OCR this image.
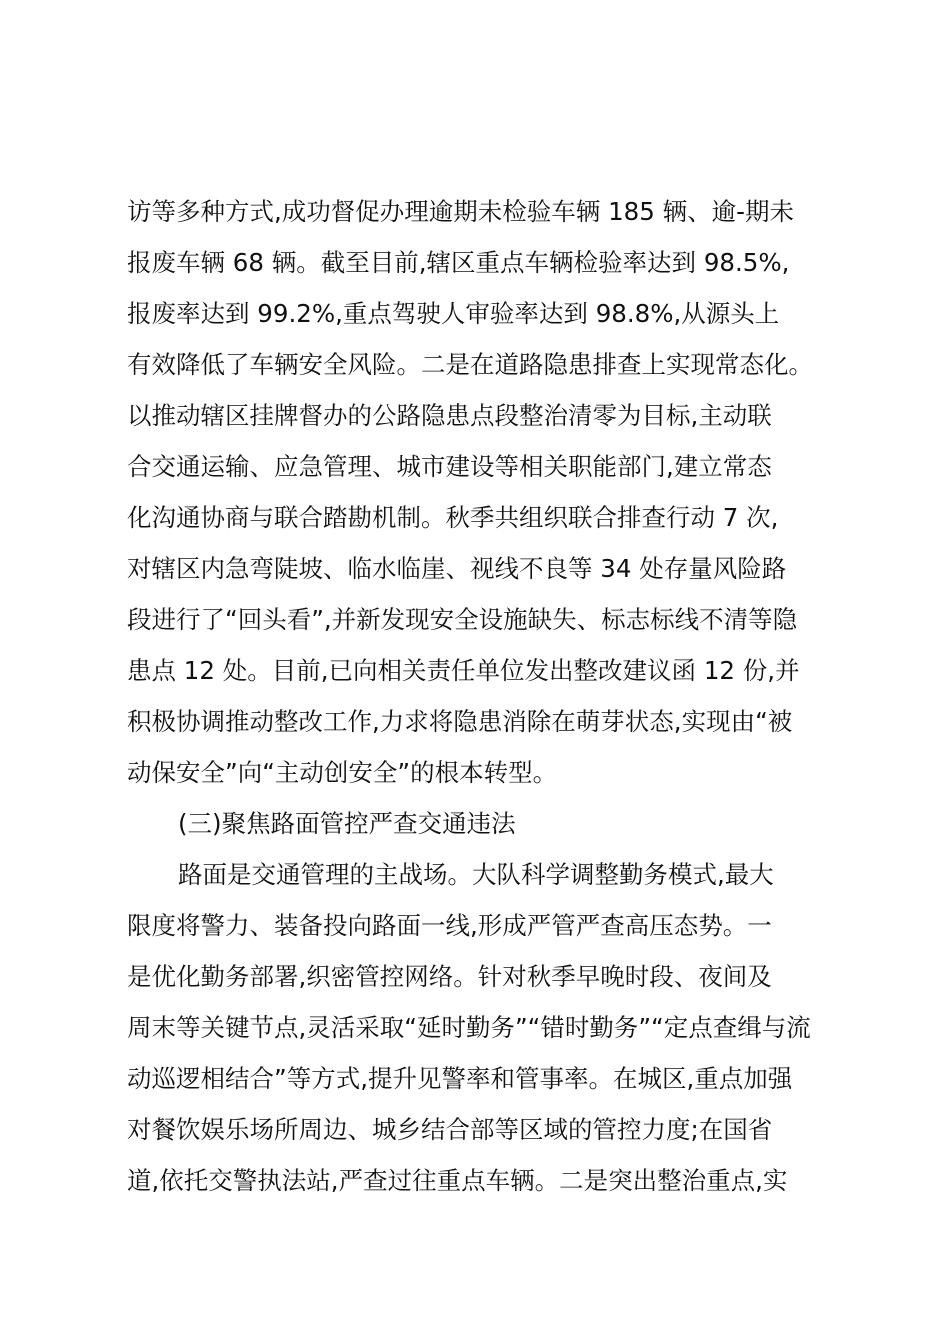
访等多种方式,成功督促办理逾期未检验车辆 185 辆、逾-期未
报废车辆 68 辆。截至目前,辖区重点车辆检验率达到 98.5%,
报废率达到 99.2%,重点驾驶人审验率达到 98.8%,从源头上
有效降低了车辆安全风险。二是在道路隐患排查上实现常态化。
以推动辖区挂牌督办的公路隐患点段整治清零为目标,主动联
合交通运输、应急管理、城市建设等相关职能部门,建立常态
化沟通协商与联合踏勘机制。秋季共组织联合排查行动 7 次,
对辖区内急弯陡坡、临水临崖、视线不良等 34 处存量风险路
段进行了“回头看”,并新发现安全设施缺失、标志标线不清等隐
患点 12 处。目前,已向相关责任单位发出整改建议函 12 份,并
积极协调推动整改工作,力求将隐患消除在萌芽状态,实现由“被
动保安全”向“主动创安全”的根本转型。
(三)聚焦路面管控严查交通违法
路面是交通管理的主战场。大队科学调整勤务模式,最大
限度将警力、装备投向路面一线,形成严管严查高压态势。一
是优化勤务部署,织密管控网络。针对秋季早晚时段、夜间及
周末等关键节点,灵活采取“延时勤务”“错时勤务”“定点查缉与流
动巡逻相结合”等方式,提升见警率和管事率。在城区,重点加强
对餐饮娱乐场所周边、城乡结合部等区域的管控力度;在国省
道,依托交警执法站,严查过往重点车辆。二是突出整治重点,实
